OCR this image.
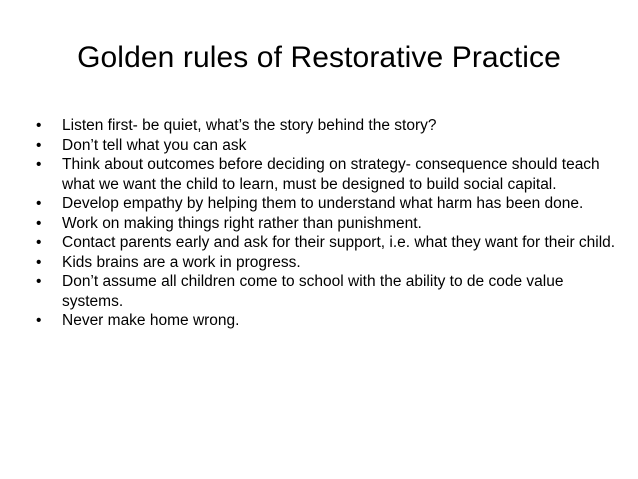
Golden rules of Restorative Practice
•	Listen first- be quiet, what’s the story behind the story?
•	Don’t tell what you can ask
•	Think about outcomes before deciding on strategy- consequence should teach what we want the child to learn, must be designed to build social capital.
•	Develop empathy by helping them to understand what harm has been done.
•	Work on making things right rather than punishment.
•	Contact parents early and ask for their support, i.e. what they want for their child.
•	Kids brains are a work in progress.
•	Don’t assume all children come to school with the ability to de code value systems.
•	Never make home wrong.
